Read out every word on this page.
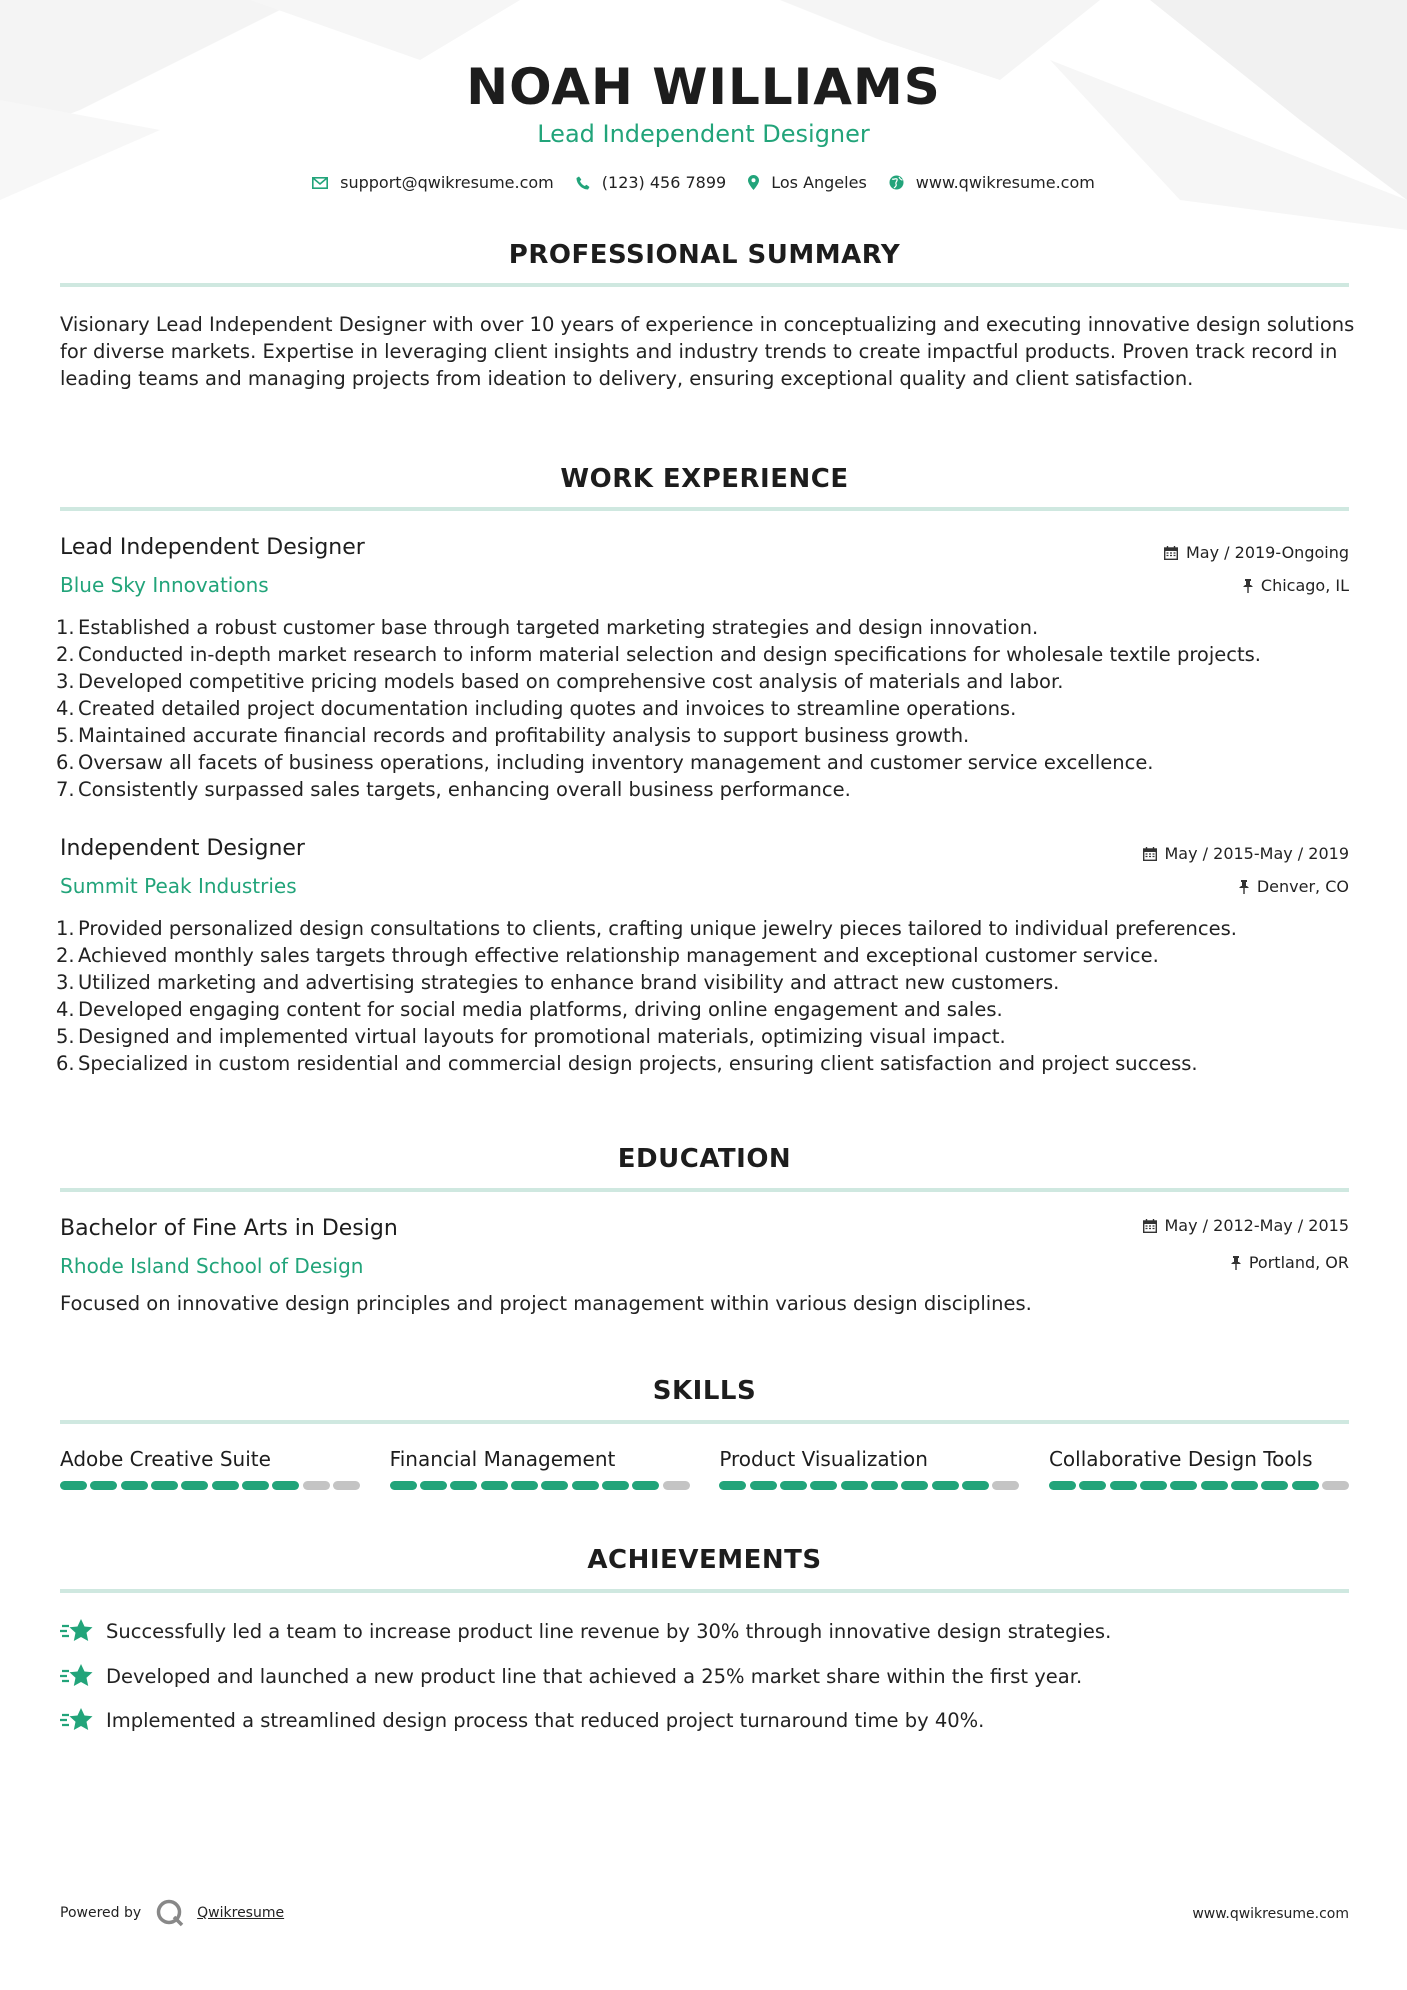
NOAH WILLIAMS
Lead Independent Designer
support@qwikresume.com	(123) 456 7899	Los Angeles	www.qwikresume.com
PROFESSIONAL SUMMARY
Visionary Lead Independent Designer with over 10 years of experience in conceptualizing and executing innovative design solutions for diverse markets. Expertise in leveraging client insights and industry trends to create impactful products. Proven track record in leading teams and managing projects from ideation to delivery, ensuring exceptional quality and client satisfaction.
WORK EXPERIENCE
Lead Independent Designer	May / 2019-Ongoing
Blue Sky Innovations	Chicago, IL
1. Established a robust customer base through targeted marketing strategies and design innovation.
2. Conducted in-depth market research to inform material selection and design specifications for wholesale textile projects.
3. Developed competitive pricing models based on comprehensive cost analysis of materials and labor.
4. Created detailed project documentation including quotes and invoices to streamline operations.
5. Maintained accurate financial records and profitability analysis to support business growth.
6. Oversaw all facets of business operations, including inventory management and customer service excellence.
7. Consistently surpassed sales targets, enhancing overall business performance.
Independent Designer	May / 2015-May / 2019
Summit Peak Industries	Denver, CO
1. Provided personalized design consultations to clients, crafting unique jewelry pieces tailored to individual preferences.
2. Achieved monthly sales targets through effective relationship management and exceptional customer service.
3. Utilized marketing and advertising strategies to enhance brand visibility and attract new customers.
4. Developed engaging content for social media platforms, driving online engagement and sales.
5. Designed and implemented virtual layouts for promotional materials, optimizing visual impact.
6. Specialized in custom residential and commercial design projects, ensuring client satisfaction and project success.
EDUCATION
Bachelor of Fine Arts in Design	May / 2012-May / 2015
Rhode Island School of Design	Portland, OR
Focused on innovative design principles and project management within various design disciplines.
SKILLS
Adobe Creative Suite	Financial Management	Product Visualization	Collaborative Design Tools
ACHIEVEMENTS
Successfully led a team to increase product line revenue by 30% through innovative design strategies.
Developed and launched a new product line that achieved a 25% market share within the first year.
Implemented a streamlined design process that reduced project turnaround time by 40%.
Powered by	Qwikresume	www.qwikresume.com
